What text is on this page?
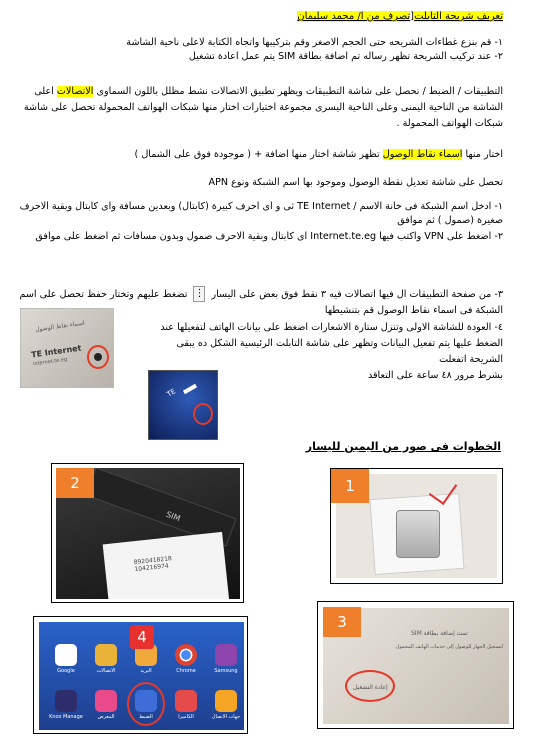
تعريف شريحة التابلت[تصرف من ا/ محمد سليمان
١- قم بنزع غطاءات الشريحه حتى الحجم الاصغر وقم بتركيبها واتجاه الكتابة لاعلى ناحية الشاشة
٢- عند تركيب الشريحة تظهر رساله تم اضافة بطاقة SIM يتم عمل اعادة تشغيل
التطبيقات / الضبط / نحصل على شاشة التطبيقات ويظهر تطبيق الاتصالات نشط مظلل باللون السماوى الاتصالات اعلى الشاشة من الناحية اليمنى وعلى الناحية اليسرى مجموعة اختيارات اختار منها شبكات الهواتف المحمولة تحصل على شاشة شبكات الهواتف المحمولة .
اختار منها اسماء نقاط الوصول تظهر شاشة اختار منها اضافة + ( موجودة فوق على الشمال )
تحصل على شاشة تعديل نقطة الوصول وموجود بها اسم الشبكة ونوع APN
١- ادخل اسم الشبكة فى خانة الاسم / TE Internet ثى و اى احرف كبيرة (كابتال) وبعدين مسافة واى كابتال وبقية الاحرف صغيرة (صمول ) ثم موافق
٢- اضغط على VPN واكتب فيها Internet.te.eg اى كابتال وبقية الاحرف صمول وبدون مسافات ثم اضغط على موافق
٣- من صفحة التطبيقات ال فيها اتصالات فيه ٣ نقط فوق بعض على اليسار ⋮ تضغط عليهم وتختار حفظ تحصل على اسم الشبكة فى اسماء نقاط الوصول قم بتنشيطها
٤- العودة للشاشة الاولى وتنزل ستارة الاشعارات اضغط على بيانات الهاتف لتفعيلها عند الضغط عليها يتم تفعيل البيانات وتظهر على شاشة التابلت الرئيسية الشكل ده يبقى الشريحة اتفعلت
بشرط مرور ٤٨ ساعة على التعاقد
اسماء نقاط الوصول
TE Internet
internet.te.eg
TE
الخطوات فى صور من اليمين لليسار
1
SIM
8920418218 104216974
2
تمت إضافة بطاقة SIM
لتسجيل الجهاز للوصول إلى خدمات الهاتف المحمول
إعادة التشغيل
3
Google	الاتصالات	البريد	Chrome	Samsung
Knox Manage	المعرض	الضبط	الكاميرا	جهات الاتصال
4
